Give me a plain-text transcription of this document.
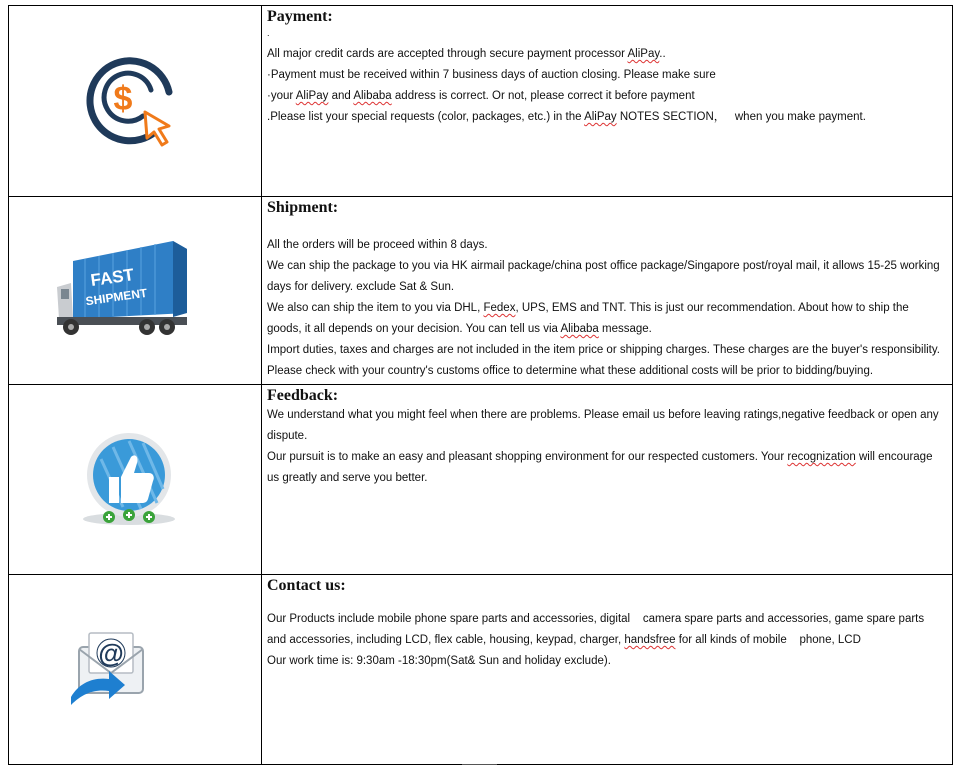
$

Payment:

.

All major credit cards are accepted through secure payment processor AliPay..

·Payment must be received within 7 business days of auction closing. Please make sure

·your AliPay and Alibaba address is correct. Or not, please correct it before payment

.Please list your special requests (color, packages, etc.) in the AliPay NOTES SECTION，   when you make payment.

FAST
SHIPMENT

Shipment:

All the orders will be proceed within 8 days.

We can ship the package to you via HK airmail package/china post office package/Singapore post/royal mail, it allows 15-25 working

days for delivery. exclude Sat & Sun.

We also can ship the item to you via DHL, Fedex, UPS, EMS and TNT. This is just our recommendation. About how to ship the

goods, it all depends on your decision. You can tell us via Alibaba message.

Import duties, taxes and charges are not included in the item price or shipping charges. These charges are the buyer's responsibility.

Please check with your country's customs office to determine what these additional costs will be prior to bidding/buying.

Feedback:

We understand what you might feel when there are problems. Please email us before leaving ratings,negative feedback or open any

dispute.

Our pursuit is to make an easy and pleasant shopping environment for our respected customers. Your recognization will encourage

us greatly and serve you better.

@

Contact us:

Our Products include mobile phone spare parts and accessories, digital    camera spare parts and accessories, game spare parts

and accessories, including LCD, flex cable, housing, keypad, charger, handsfree for all kinds of mobile    phone, LCD

Our work time is: 9:30am -18:30pm(Sat& Sun and holiday exclude).
